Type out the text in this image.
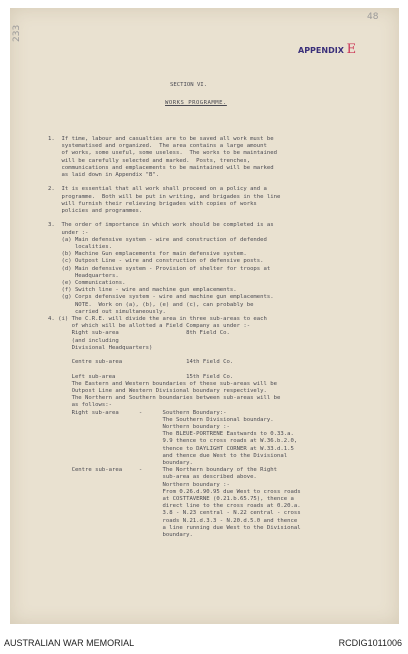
233
48
APPENDIX E
SECTION VI.
WORKS PROGRAMME.
1.  If time, labour and casualties are to be saved all work must be
systematised and organized.  The area contains a large amount
of works, some useful, some useless.  The works to be maintained
will be carefully selected and marked.  Posts, trenches,
communications and emplacements to be maintained will be marked
as laid down in Appendix "B".
2.  It is essential that all work shall proceed on a policy and a
programme.  Both will be put in writing, and brigades in the line
will furnish their relieving brigades with copies of works
policies and programmes.
3.  The order of importance in which work should be completed is as
under :-
(a) Main defensive system - wire and construction of defended
localities.
(b) Machine Gun emplacements for main defensive system.
(c) Outpost Line - wire and construction of defensive posts.
(d) Main defensive system - Provision of shelter for troops at
Headquarters.
(e) Communications.
(f) Switch line - wire and machine gun emplacements.
(g) Corps defensive system - wire and machine gun emplacements.
NOTE.  Work on (a), (b), (e) and (c), can probably be
carried out simultaneously.
4. (i) The C.R.E. will divide the area in three sub-areas to each
of which will be allotted a Field Company as under :-
Right sub-area                    8th Field Co.
(and including
Divisional Headquarters)
Centre sub-area                   14th Field Co.
Left sub-area                     15th Field Co.
The Eastern and Western boundaries of these sub-areas will be
Outpost Line and Western Divisional boundary respectively.
The Northern and Southern boundaries between sub-areas will be
as follows:-
Right sub-area      -      Southern Boundary:-
The Southern Divisional boundary.
Northern boundary :-
The BLEUE-PORTRENE Eastwards to 0.33.a.
9.9 thence to cross roads at W.36.b.2.0,
thence to DAYLIGHT CORNER at W.33.d.1.5
and thence due West to the Divisional
boundary.
Centre sub-area     -      The Northern boundary of the Right
sub-area as described above.
Northern boundary :-
From 0.26.d.90.95 due West to cross roads
at COSTTAVERNE (0.21.b.65.75), thence a
direct line to the cross roads at 0.20.a.
3.8 - N.23 central - N.22 central - cross
roads N.21.d.3.3 - N.20.d.5.0 and thence
a line running due West to the Divisional
boundary.
AUSTRALIAN WAR MEMORIAL	RCDIG1011006
